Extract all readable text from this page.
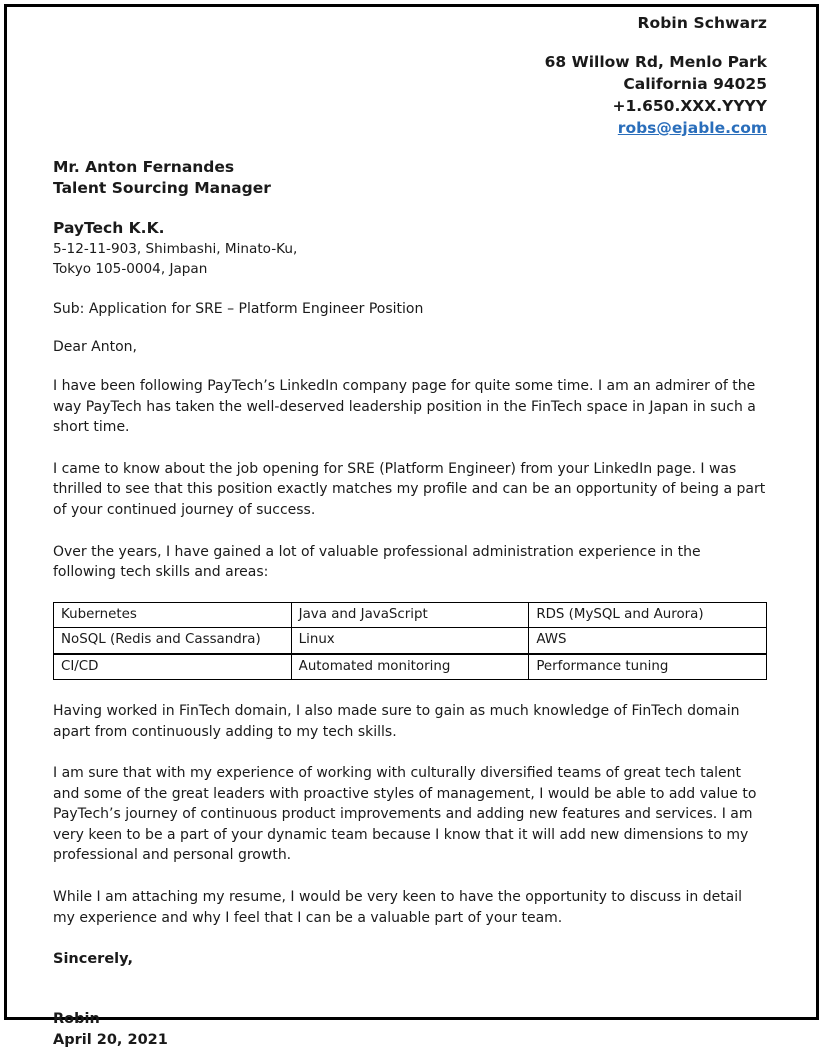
Robin Schwarz
68 Willow Rd, Menlo Park
California 94025
+1.650.XXX.YYYY
robs@ejable.com
Mr. Anton Fernandes
Talent Sourcing Manager
PayTech K.K.
5-12-11-903, Shimbashi, Minato-Ku,
Tokyo 105-0004, Japan
Sub: Application for SRE – Platform Engineer Position
Dear Anton,
I have been following PayTech’s LinkedIn company page for quite some time. I am an admirer of the way PayTech has taken the well-deserved leadership position in the FinTech space in Japan in such a short time.
I came to know about the job opening for SRE (Platform Engineer) from your LinkedIn page. I was thrilled to see that this position exactly matches my profile and can be an opportunity of being a part of your continued journey of success.
Over the years, I have gained a lot of valuable professional administration experience in the following tech skills and areas:
Kubernetes	Java and JavaScript	RDS (MySQL and Aurora)
NoSQL (Redis and Cassandra)	Linux	AWS
CI/CD	Automated monitoring	Performance tuning
Having worked in FinTech domain, I also made sure to gain as much knowledge of FinTech domain apart from continuously adding to my tech skills.
I am sure that with my experience of working with culturally diversified teams of great tech talent and some of the great leaders with proactive styles of management, I would be able to add value to PayTech’s journey of continuous product improvements and adding new features and services. I am very keen to be a part of your dynamic team because I know that it will add new dimensions to my professional and personal growth.
While I am attaching my resume, I would be very keen to have the opportunity to discuss in detail my experience and why I feel that I can be a valuable part of your team.
Sincerely,
Robin
April 20, 2021
